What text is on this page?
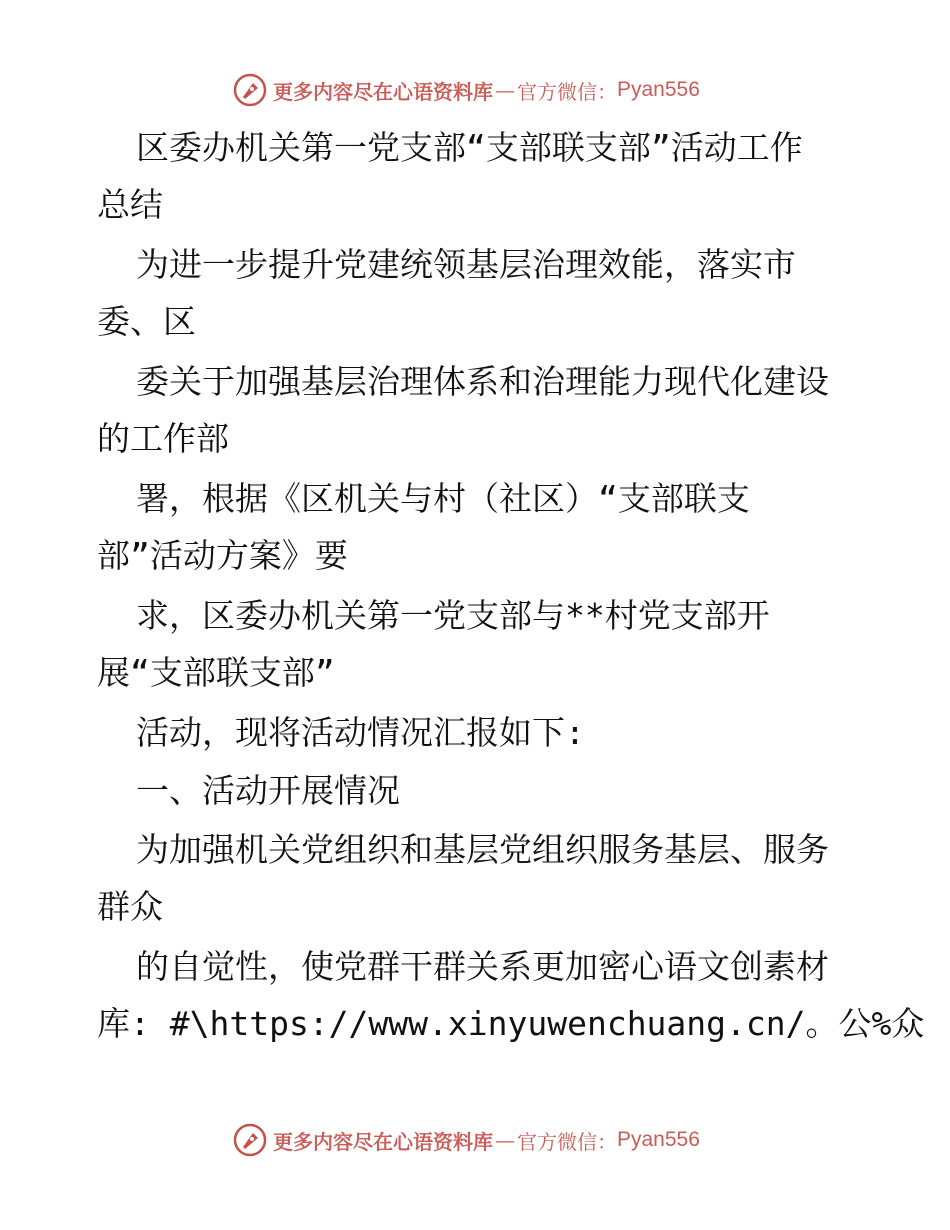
更多内容尽在心语资料库 — 官方微信： Pyan556
区委办机关第一党支部“支部联支部”活动工作
总结
为进一步提升党建统领基层治理效能，落实市
委、区
委关于加强基层治理体系和治理能力现代化建设
的工作部
署，根据《区机关与村（社区）“支部联支
部”活动方案》要
求，区委办机关第一党支部与**村党支部开
展“支部联支部”
活动，现将活动情况汇报如下:
一、活动开展情况
为加强机关党组织和基层党组织服务基层、服务
群众
的自觉性，使党群干群关系更加密心语文创素材
库: #\https://www.xinyuwenchuang.cn/。公%众
更多内容尽在心语资料库 — 官方微信： Pyan556
